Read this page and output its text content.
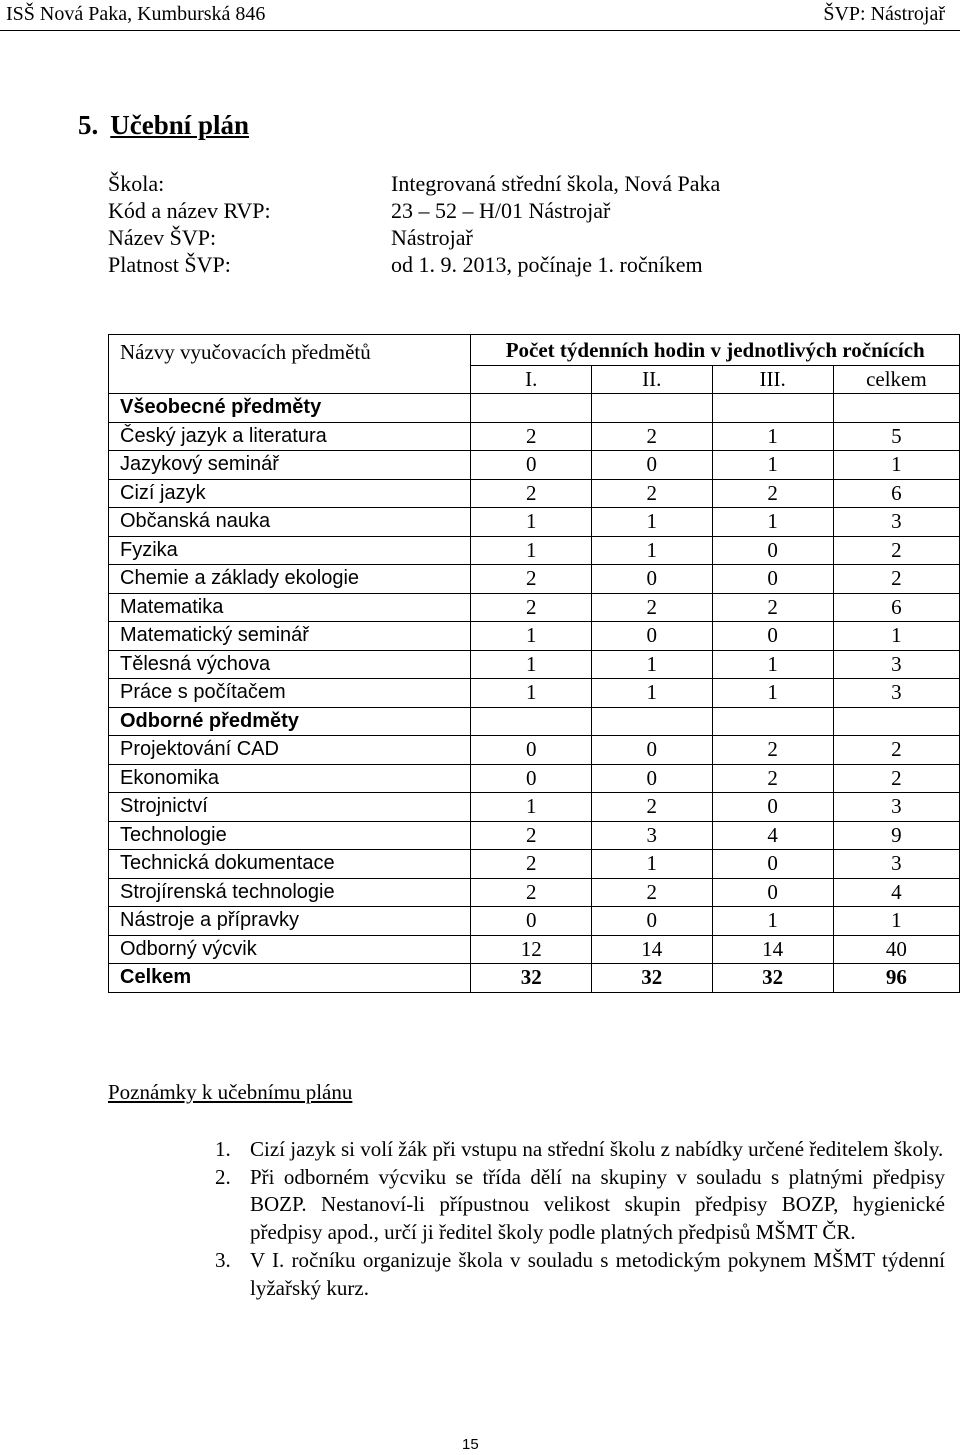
ISŠ Nová Paka, Kumburská 846	ŠVP: Nástrojař
5. Učební plán
Škola:	Integrovaná střední škola, Nová Paka
Kód a název RVP:	23 – 52 – H/01 Nástrojař
Název ŠVP:	Nástrojař
Platnost ŠVP:	od 1. 9. 2013, počínaje 1. ročníkem
Názvy vyučovacích předmětů	Počet týdenních hodin v jednotlivých ročnících			
	I.	II.	III.	celkem
Všeobecné předměty				
Český jazyk a literatura	2	2	1	5
Jazykový seminář	0	0	1	1
Cizí jazyk	2	2	2	6
Občanská nauka	1	1	1	3
Fyzika	1	1	0	2
Chemie a základy ekologie	2	0	0	2
Matematika	2	2	2	6
Matematický seminář	1	0	0	1
Tělesná výchova	1	1	1	3
Práce s počítačem	1	1	1	3
Odborné předměty				
Projektování CAD	0	0	2	2
Ekonomika	0	0	2	2
Strojnictví	1	2	0	3
Technologie	2	3	4	9
Technická dokumentace	2	1	0	3
Strojírenská technologie	2	2	0	4
Nástroje a přípravky	0	0	1	1
Odborný výcvik	12	14	14	40
Celkem	32	32	32	96
Poznámky k učebnímu plánu
1. Cizí jazyk si volí žák při vstupu na střední školu z nabídky určené ředitelem školy.
2. Při odborném výcviku se třída dělí na skupiny v souladu s platnými předpisy BOZP. Nestanoví-li přípustnou velikost skupin předpisy BOZP, hygienické předpisy apod., určí ji ředitel školy podle platných předpisů MŠMT ČR.
3. V I. ročníku organizuje škola v souladu s metodickým pokynem MŠMT týdenní lyžařský kurz.
15
